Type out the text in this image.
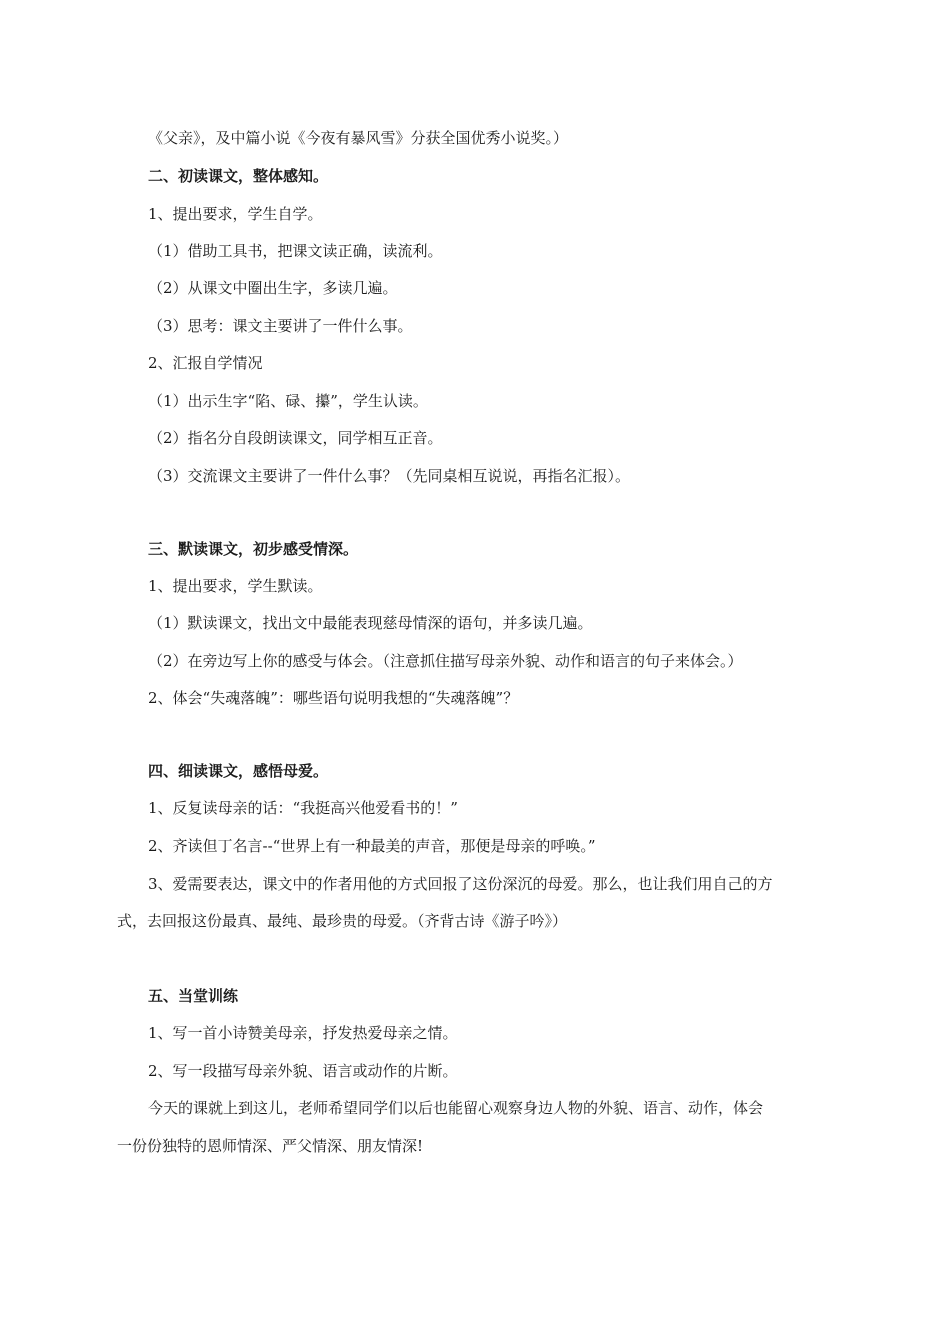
《父亲》，及中篇小说《今夜有暴风雪》分获全国优秀小说奖。）
二、初读课文，整体感知。
1、提出要求，学生自学。
（1）借助工具书，把课文读正确，读流利。
（2）从课文中圈出生字，多读几遍。
（3）思考：课文主要讲了一件什么事。
2、汇报自学情况
（1）出示生字“陷、碌、攥”，学生认读。
（2）指名分自段朗读课文，同学相互正音。
（3）交流课文主要讲了一件什么事？（先同桌相互说说，再指名汇报）。
三、默读课文，初步感受情深。
1、提出要求，学生默读。
（1）默读课文，找出文中最能表现慈母情深的语句，并多读几遍。
（2）在旁边写上你的感受与体会。（注意抓住描写母亲外貌、动作和语言的句子来体会。）
2、体会“失魂落魄”：哪些语句说明我想的“失魂落魄”？
四、细读课文，感悟母爱。
1、反复读母亲的话：“我挺高兴他爱看书的！”
2、齐读但丁名言--“世界上有一种最美的声音，那便是母亲的呼唤。”
3、爱需要表达，课文中的作者用他的方式回报了这份深沉的母爱。那么，也让我们用自己的方
式，去回报这份最真、最纯、最珍贵的母爱。（齐背古诗《游子吟》）
五、当堂训练
1、写一首小诗赞美母亲，抒发热爱母亲之情。
2、写一段描写母亲外貌、语言或动作的片断。
今天的课就上到这儿，老师希望同学们以后也能留心观察身边人物的外貌、语言、动作，体会
一份份独特的恩师情深、严父情深、朋友情深!
